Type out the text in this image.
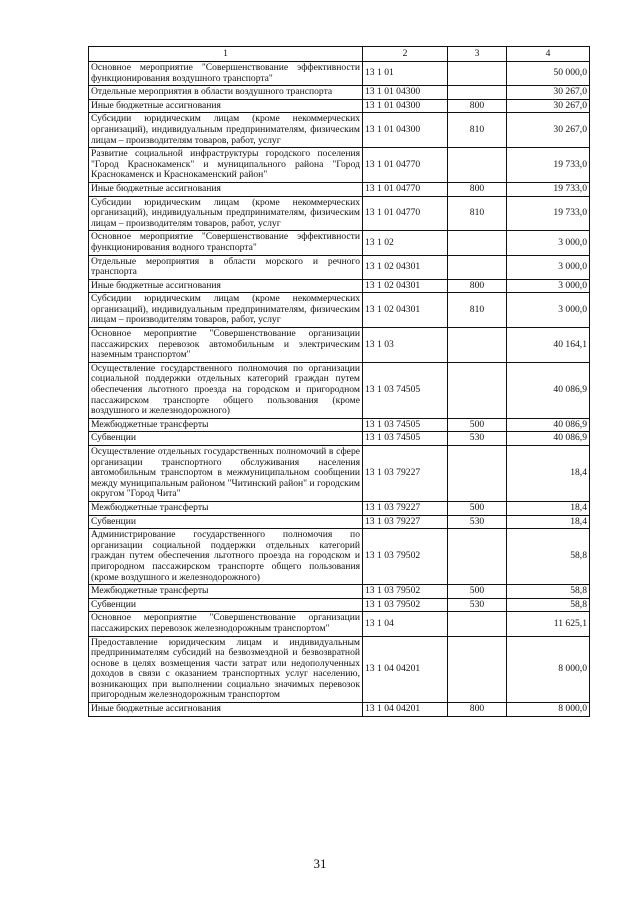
1	2	3	4
Основное мероприятие "Совершенствование эффективности функционирования воздушного транспорта"	13 1 01		50 000,0
Отдельные мероприятия в области воздушного транспорта	13 1 01 04300		30 267,0
Иные бюджетные ассигнования	13 1 01 04300	800	30 267,0
Субсидии юридическим лицам (кроме некоммерческих организаций), индивидуальным предпринимателям, физическим лицам – производителям товаров, работ, услуг	13 1 01 04300	810	30 267,0
Развитие социальной инфраструктуры городского поселения "Город Краснокаменск" и муниципального района "Город Краснокаменск и Краснокаменский район"	13 1 01 04770		19 733,0
Иные бюджетные ассигнования	13 1 01 04770	800	19 733,0
Субсидии юридическим лицам (кроме некоммерческих организаций), индивидуальным предпринимателям, физическим лицам – производителям товаров, работ, услуг	13 1 01 04770	810	19 733,0
Основное мероприятие "Совершенствование эффективности функционирования водного транспорта"	13 1 02		3 000,0
Отдельные мероприятия в области морского и речного транспорта	13 1 02 04301		3 000,0
Иные бюджетные ассигнования	13 1 02 04301	800	3 000,0
Субсидии юридическим лицам (кроме некоммерческих организаций), индивидуальным предпринимателям, физическим лицам – производителям товаров, работ, услуг	13 1 02 04301	810	3 000,0
Основное мероприятие "Совершенствование организации пассажирских перевозок автомобильным и электрическим наземным транспортом"	13 1 03		40 164,1
Осуществление государственного полномочия по организации социальной поддержки отдельных категорий граждан путем обеспечения льготного проезда на городском и пригородном пассажирском транспорте общего пользования (кроме воздушного и железнодорожного)	13 1 03 74505		40 086,9
Межбюджетные трансферты	13 1 03 74505	500	40 086,9
Субвенции	13 1 03 74505	530	40 086,9
Осуществление отдельных государственных полномочий в сфере организации транспортного обслуживания населения автомобильным транспортом в межмуниципальном сообщении между муниципальным районом "Читинский район" и городским округом "Город Чита"	13 1 03 79227		18,4
Межбюджетные трансферты	13 1 03 79227	500	18,4
Субвенции	13 1 03 79227	530	18,4
Администрирование государственного полномочия по организации социальной поддержки отдельных категорий граждан путем обеспечения льготного проезда на городском и пригородном пассажирском транспорте общего пользования (кроме воздушного и железнодорожного)	13 1 03 79502		58,8
Межбюджетные трансферты	13 1 03 79502	500	58,8
Субвенции	13 1 03 79502	530	58,8
Основное мероприятие "Совершенствование организации пассажирских перевозок железнодорожным транспортом"	13 1 04		11 625,1
Предоставление юридическим лицам и индивидуальным предпринимателям субсидий на безвозмездной и безвозвратной основе в целях возмещения части затрат или недополученных доходов в связи с оказанием транспортных услуг населению, возникающих при выполнении социально значимых перевозок пригородным железнодорожным транспортом	13 1 04 04201		8 000,0
Иные бюджетные ассигнования	13 1 04 04201	800	8 000,0
31
